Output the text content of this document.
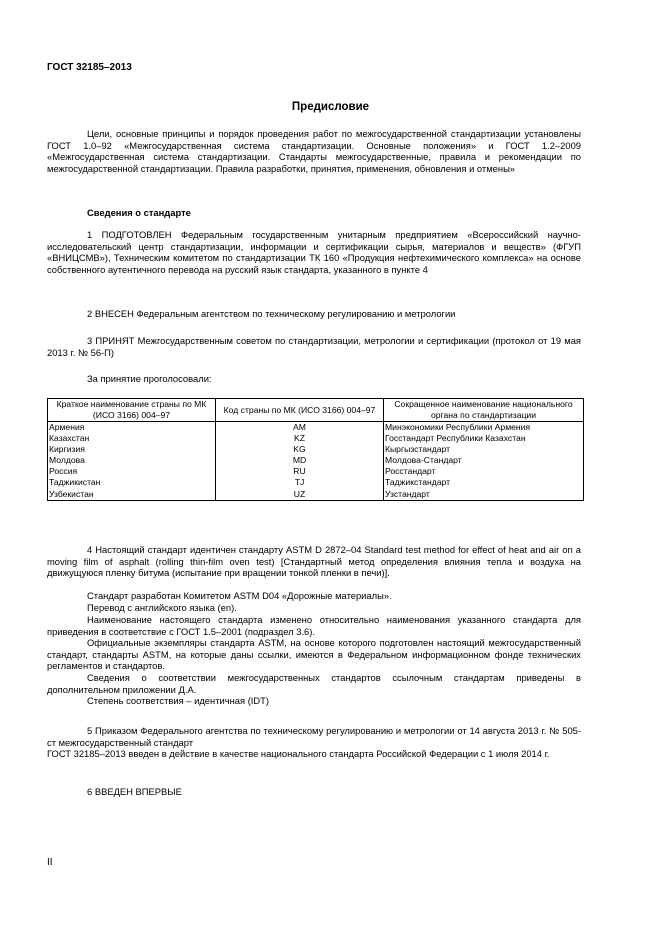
ГОСТ 32185–2013
Предисловие
Цели, основные принципы и порядок проведения работ по межгосударственной стандартизации установлены ГОСТ 1.0–92 «Межгосударственная система стандартизации. Основные положения» и ГОСТ 1.2–2009 «Межгосударственная система стандартизации. Стандарты межгосударственные, правила и рекомендации по межгосударственной стандартизации. Правила разработки, принятия, применения, обновления и отмены»
Сведения о стандарте
1 ПОДГОТОВЛЕН Федеральным государственным унитарным предприятием «Всероссийский научно-исследовательский центр стандартизации, информации и сертификации сырья, материалов и веществ» (ФГУП «ВНИЦСМВ»), Техническим комитетом по стандартизации ТК 160 «Продукция нефтехимического комплекса» на основе собственного аутентичного перевода на русский язык стандарта, указанного в пункте 4
2 ВНЕСЕН Федеральным агентством по техническому регулированию и метрологии
3 ПРИНЯТ Межгосударственным советом по стандартизации, метрологии и сертификации (протокол от 19 мая 2013 г. № 56-П)
За принятие проголосовали:
Краткое наименование страны по МК (ИСО 3166) 004–97	Код страны по МК (ИСО 3166) 004–97	Сокращенное наименование национального органа по стандартизации
Армения	AM	Минэкономики Республики Армения
Казахстан	KZ	Госстандарт Республики Казахстан
Киргизия	KG	Кыргызстандарт
Молдова	MD	Молдова-Стандарт
Россия	RU	Росстандарт
Таджикистан	TJ	Таджикстандарт
Узбекистан	UZ	Узстандарт
4 Настоящий стандарт идентичен стандарту ASTM D 2872–04 Standard test method for effect of heat and air on a moving film of asphalt (rolling thin-film oven test) [Стандартный метод определения влияния тепла и воздуха на движущуюся пленку битума (испытание при вращении тонкой пленки в печи)].
Стандарт разработан Комитетом ASTM D04 «Дорожные материалы».
Перевод с английского языка (en).
Наименование настоящего стандарта изменено относительно наименования указанного стандарта для приведения в соответствие с ГОСТ 1.5–2001 (подраздел 3.6).
Официальные экземпляры стандарта ASTM, на основе которого подготовлен настоящий межгосударственный стандарт, стандарты ASTM, на которые даны ссылки, имеются в Федеральном информационном фонде технических регламентов и стандартов.
Сведения о соответствии межгосударственных стандартов ссылочным стандартам приведены в дополнительном приложении Д.А.
Степень соответствия – идентичная (IDT)
5 Приказом Федерального агентства по техническому регулированию и метрологии от 14 августа 2013 г. № 505-ст межгосударственный стандарт
ГОСТ 32185–2013 введен в действие в качестве национального стандарта Российской Федерации с 1 июля 2014 г.
6 ВВЕДЕН ВПЕРВЫЕ
II
